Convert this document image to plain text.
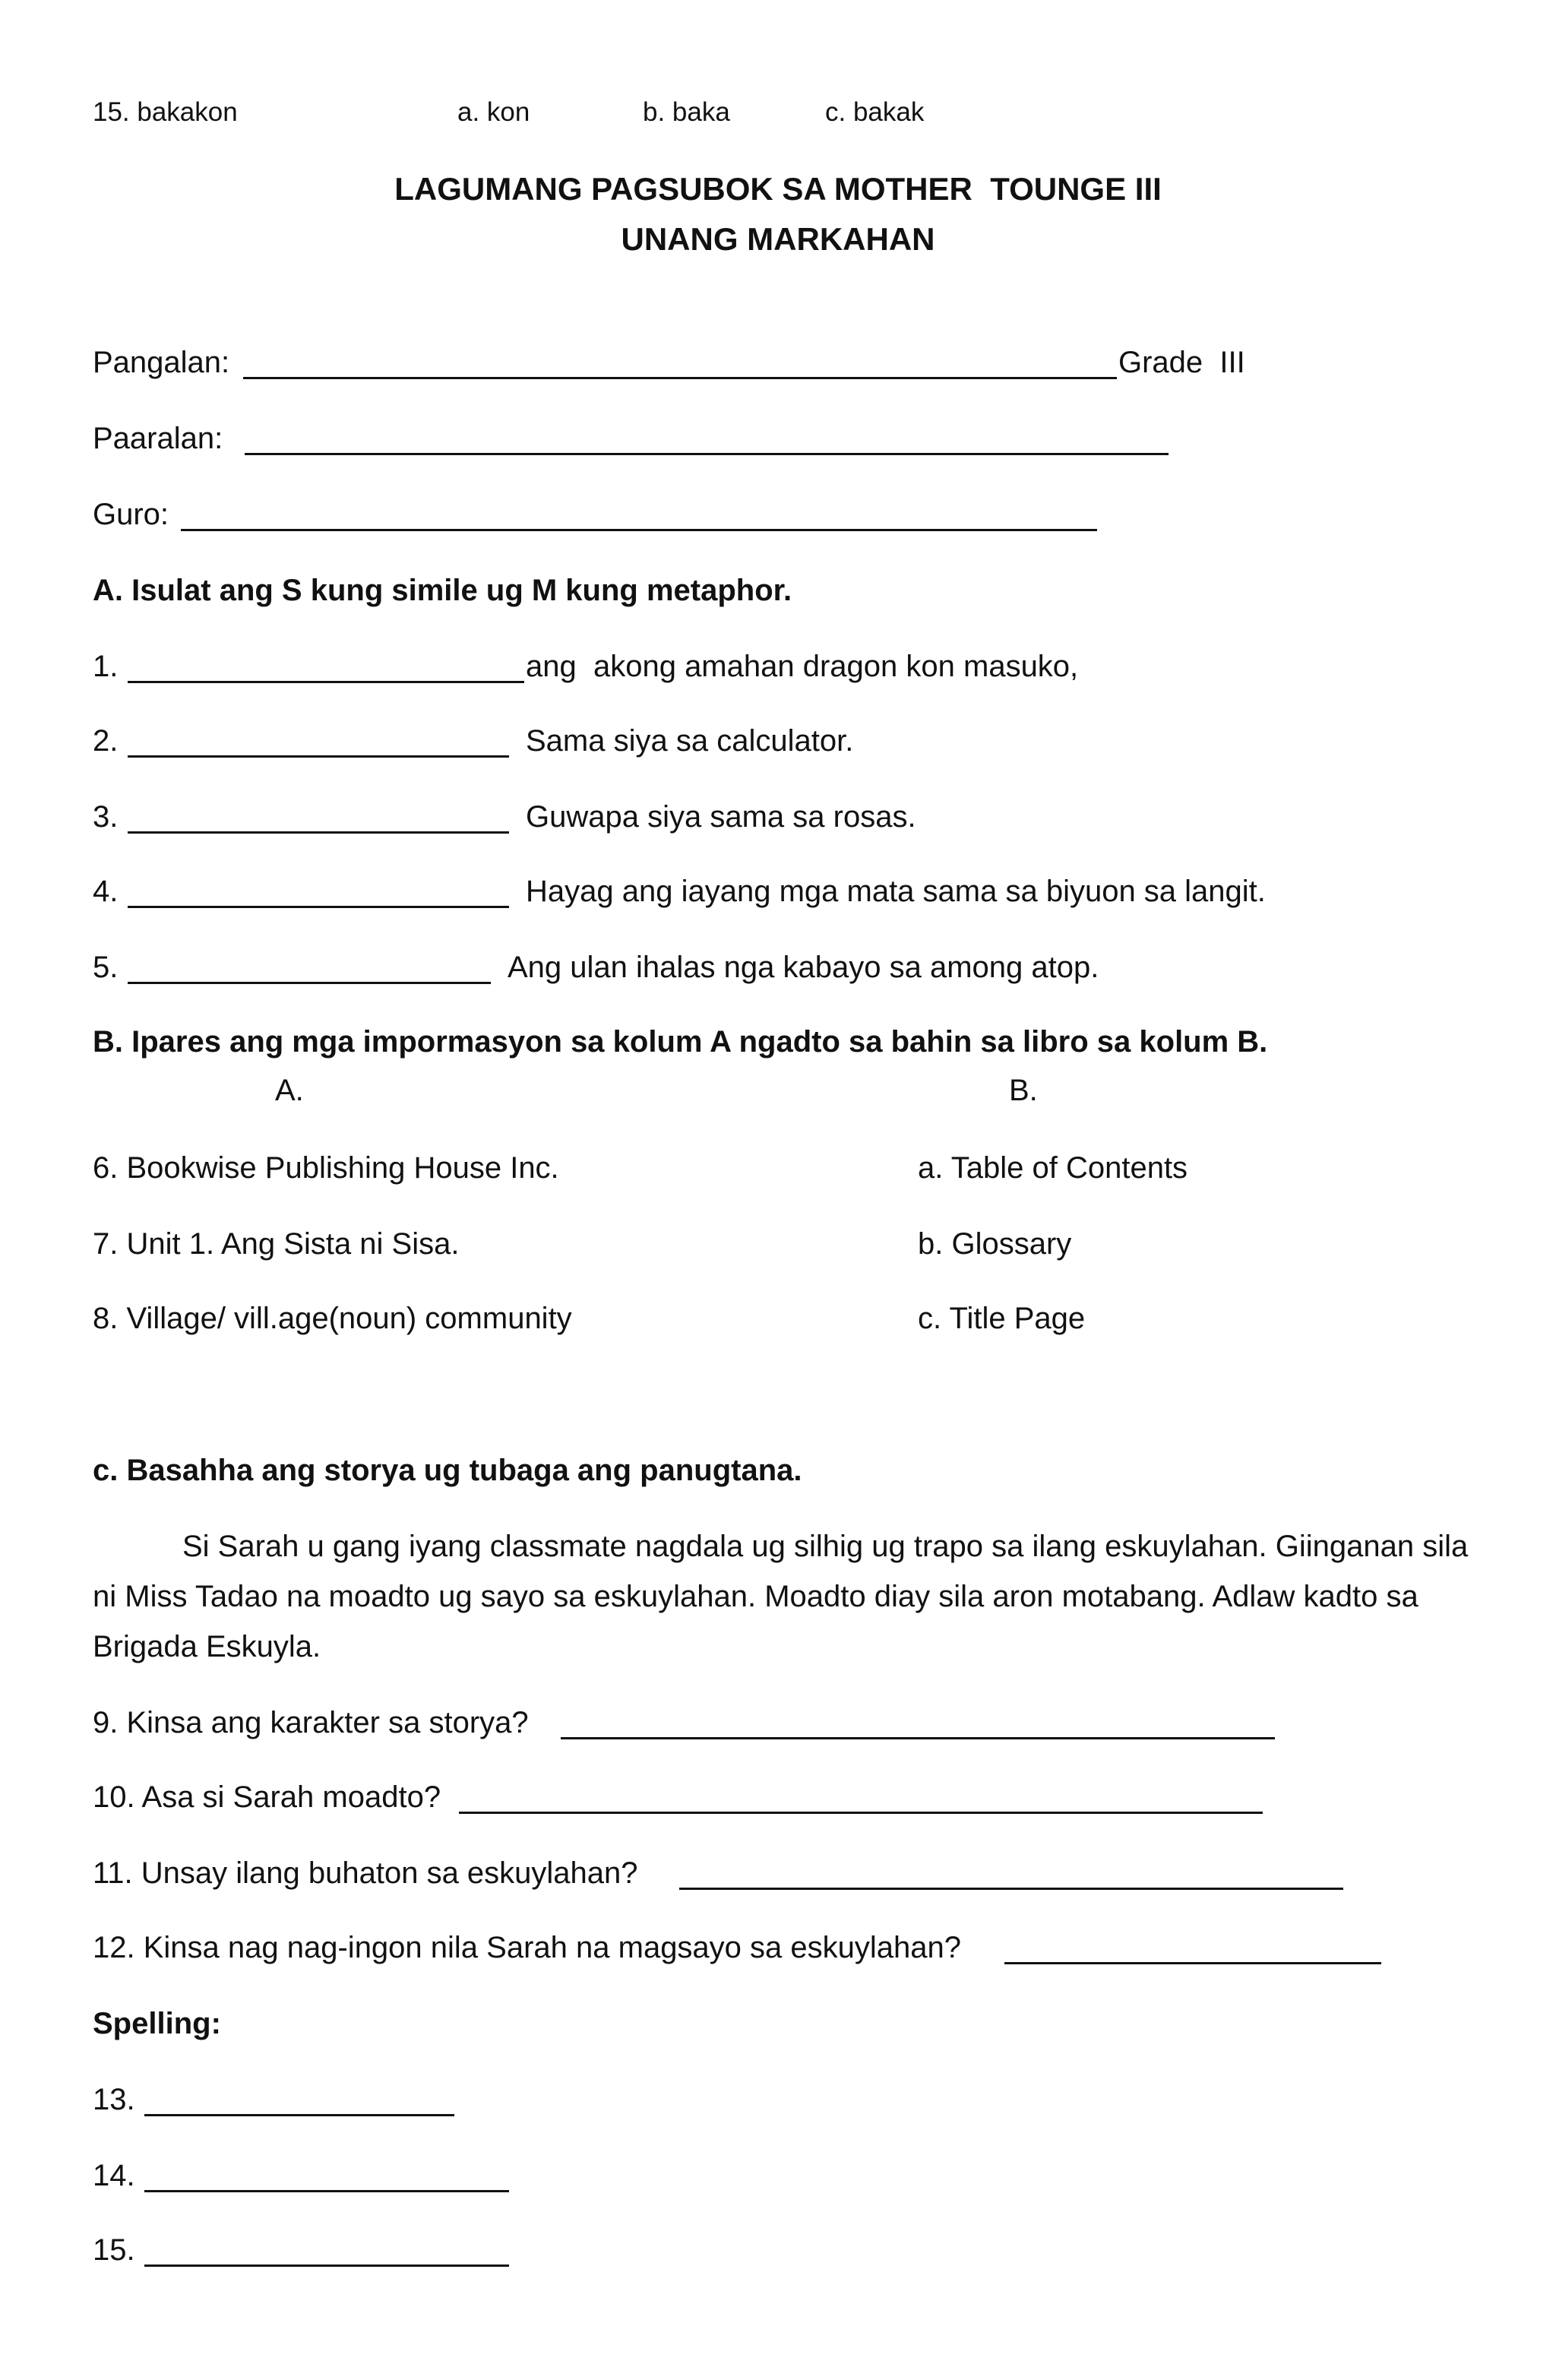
15. bakakon	a. kon	b. baka	c. bakak
LAGUMANG PAGSUBOK SA MOTHER  TOUNGE III
UNANG MARKAHAN
Pangalan:	Grade  III
Paaralan:
Guro:
A. Isulat ang S kung simile ug M kung metaphor.
1.	ang  akong amahan dragon kon masuko,
2.	Sama siya sa calculator.
3.	Guwapa siya sama sa rosas.
4.	Hayag ang iayang mga mata sama sa biyuon sa langit.
5.	Ang ulan ihalas nga kabayo sa among atop.
B. Ipares ang mga impormasyon sa kolum A ngadto sa bahin sa libro sa kolum B.
A.	B.
6. Bookwise Publishing House Inc.	a. Table of Contents
7. Unit 1. Ang Sista ni Sisa.	b. Glossary
8. Village/ vill.age(noun) community	c. Title Page
c. Basahha ang storya ug tubaga ang panugtana.
Si Sarah u gang iyang classmate nagdala ug silhig ug trapo sa ilang eskuylahan. Giinganan sila ni Miss Tadao na moadto ug sayo sa eskuylahan. Moadto diay sila aron motabang. Adlaw kadto sa Brigada Eskuyla.
9. Kinsa ang karakter sa storya?
10. Asa si Sarah moadto?
11. Unsay ilang buhaton sa eskuylahan?
12. Kinsa nag nag-ingon nila Sarah na magsayo sa eskuylahan?
Spelling:
13.
14.
15.
